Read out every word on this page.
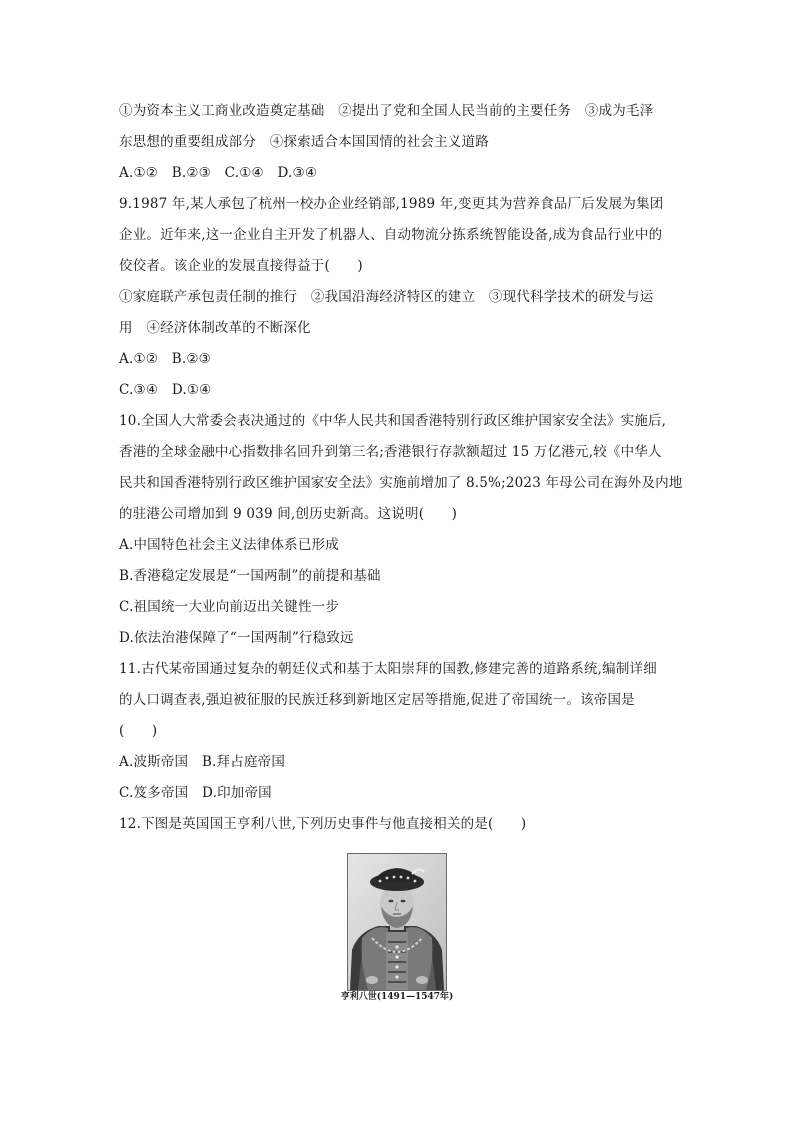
①为资本主义工商业改造奠定基础　②提出了党和全国人民当前的主要任务　③成为毛泽
东思想的重要组成部分　④探索适合本国国情的社会主义道路
A.①②　B.②③　C.①④　D.③④
9.1987 年,某人承包了杭州一校办企业经销部,1989 年,变更其为营养食品厂后发展为集团
企业。近年来,这一企业自主开发了机器人、自动物流分拣系统智能设备,成为食品行业中的
佼佼者。该企业的发展直接得益于(　　)
①家庭联产承包责任制的推行　②我国沿海经济特区的建立　③现代科学技术的研发与运
用　④经济体制改革的不断深化
A.①②　B.②③
C.③④　D.①④
10.全国人大常委会表决通过的《中华人民共和国香港特别行政区维护国家安全法》实施后,
香港的全球金融中心指数排名回升到第三名;香港银行存款额超过 15 万亿港元,较《中华人
民共和国香港特别行政区维护国家安全法》实施前增加了 8.5%;2023 年母公司在海外及内地
的驻港公司增加到 9 039 间,创历史新高。这说明(　　)
A.中国特色社会主义法律体系已形成
B.香港稳定发展是“一国两制”的前提和基础
C.祖国统一大业向前迈出关键性一步
D.依法治港保障了“一国两制”行稳致远
11.古代某帝国通过复杂的朝廷仪式和基于太阳崇拜的国教,修建完善的道路系统,编制详细
的人口调查表,强迫被征服的民族迁移到新地区定居等措施,促进了帝国统一。该帝国是
(　　)
A.波斯帝国　B.拜占庭帝国
C.笈多帝国　D.印加帝国
12.下图是英国国王亨利八世,下列历史事件与他直接相关的是(　　)
亨利八世(1491—1547年)
